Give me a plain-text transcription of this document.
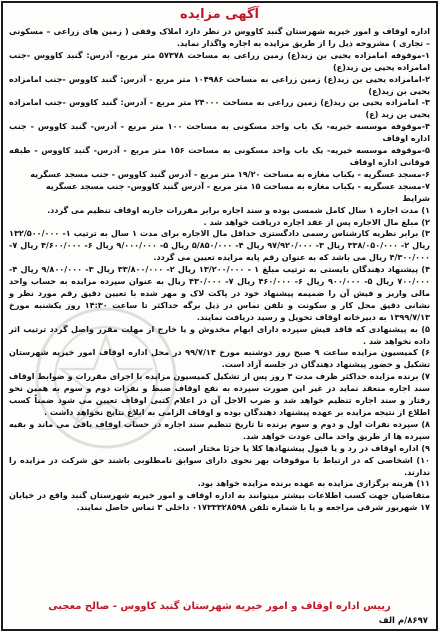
آگهی مزایده

اداره اوقاف و امور خیریه شهرستان گنبد کاووس در نظر دارد املاک وقفی ( زمین های زراعی – مسکونی – تجاری ) مشروحه ذیل را از طریق مزایده به اجاره واگذار نماید.

۱-موقوفه امامزاده یحیی بن زید(ع) زمین زراعی به مساحت ۵۷۳۷۸ متر مربع- آدرس: گنبد کاووس -جنب امامزاده یحیی بن زید(ع)

۲-امامزاده یحیی بن زید(ع) زمین زراعی به مساحت ۱۰۴۹۸۶ متر مربع - آدرس: گنبد کاووس -جنب امامزاده یحیی بن زید(ع)

۳- امامزاده یحیی بن زید(ع) زمین زراعی به مساحت ۲۴۰۰۰ متر مربع - آدرس: گنبد کاووس -جنب امامزاده یحیی بن زید (ع)

۴-موقوفه موسسه خیریه- یک باب واحد مسکونی به مساحت ۱۰۰ متر مربع - آدرس- گنبد کاووس - جنب اداره اوقاف

۵-موقوفه موسسه خیریه- یک باب واحد مسکونی به مساحت ۱۵۶ متر مربع - آدرس- گنبد کاووس - طبقه فوقانی اداره اوقاف

۶-مسجد عسگریه - یکباب مغازه به مساحت ۱۹/۲۰ متر مربع - آدرس گنبد کاووس - جنب مسجد عسگریه

۷-مسجد عسگریه - یکباب مغازه به مساحت ۱۵ متر مربع - آدرس گنبد کاووس- جنب مسجد عسگریه

شرایط

۱) مدت اجاره ۱ سال کامل شمسی بوده و سند اجاره برابر مقررات جاریه اوقاف تنظیم می گردد.

۲) مبلغ مال الاجاره پس از عقد اجاره دریافت خواهد شد .

۳) برابر نظریه کارشناس رسمی دادگستری حداقل مال الاجاره برای مدت ۱ سال به ترتیب ۱- ۱۳۲/۵۰۰/۰۰۰ ریال ۲- ۳۳۸/۰۵۰/۰۰۰ ریال ۳- ۹۷/۹۲۰/۰۰۰ ریال ۴- ۵/۸۵۰/۰۰۰ ریال ۵- ۹/۰۰۰/۰۰۰ ریال ۶- ۴/۶۰۰/۰۰۰ ریال ۷- ۴/۳۰۰/۰۰۰ ریال می باشد که به عنوان رقم پایه مزایده تعیین می گردد.

۴) پیشنهاد دهندگان بایستی به ترتیب مبلغ ۱ - ۱۳/۲۰۰/۰۰۰ ریال ۲- ۳۳/۸۰۰/۰۰۰ ریال ۳- ۹/۸۰۰/۰۰۰ ریال ۴- ۷۰۰/۰۰۰ ریال ۵- ۹۰۰/۰۰۰ ریال ۶- ۴۶۰/۰۰۰ ریال ۷- ۴۳۰/۰۰۰ ریال به عنوان سپرده مزایده به حساب واحد مالی واریز و فیش آن را ضمیمه پیشنهاد خود در پاکت لاک و مهر شده با تعیین دقیق رقم مورد نظر و نشانی دقیق محل کار و سکونت و تلفن تماس در ذیل برگه حداکثر تا ساعت ۱۴:۳۰ روز یکشنبه مورخ ۱۳۹۹/۷/۱۳ به دبیرخانه اوقاف تحویل و رسید دریافت نمایند.

۵) به پیشنهادی که فاقد فیش سپرده دارای ابهام مخدوش و یا خارج از مهلت مقرر واصل گردد ترتیب اثر داده نخواهد شد .

۶) کمیسیون مزایده ساعت ۹ صبح روز دوشنبه مورخ ۹۹/۷/۱۴ در محل اداره اوقاف امور خیریه شهرستان تشکیل و حضور پیشنهاد دهندگان در جلسه آزاد است.

۷) برنده مزایده حداکثر ظرف مدت ۳ روز پس از تشکیل کمیسیون مزایده با اجرای مقررات و ضوابط اوقاف سند اجاره منعقد نماید در غیر این صورت سپرده به نفع اوقاف ضبط و نفرات دوم و سوم به همین نحو رفتار و سند اجاره تنظیم خواهد شد و ضرب الاجل آن در اعلام کتبی اوقاف تعیین می شود ضمناً کسب اطلاع از نتیجه مزایده بر عهده پیشنهاد دهندگان بوده و اوقاف الزامی به ابلاغ نتایج نخواهد داشت .

۸) سپرده نفرات اول و دوم و سوم برنده تا تاریخ تنظیم سند اجاره در حساب اوقاف باقی می ماند و بقیه سپرده ها از طریق واحد مالی عودت خواهد شد.

۹) اداره اوقاف در رد و یا قبول پیشنهادها کلا یا جزئا مختار است.

۱۰) اشخاصی که در ارتباط با موقوفات بهر نحوی دارای سوابق نامطلوبی باشند حق شرکت در مزایده را ندارند.

۱۱) هزینه برگزاری مزایده به عهده برنده مزایده خواهد بود.

متقاضیان جهت کسب اطلاعات بیشتر میتوانند به اداره اوقاف و امور خیریه شهرستان گنبد واقع در خیابان ۱۷ شهریور شرقی مراجعه و یا با شماره تلفن ۰۱۷۳۳۳۲۸۵۹۸ داخلی ۳ تماس حاصل نمایند.

رییس اداره اوقاف و امور خیریه شهرستان گنبد کاووس - صالح معجبی
۸۶۹۷/م الف
